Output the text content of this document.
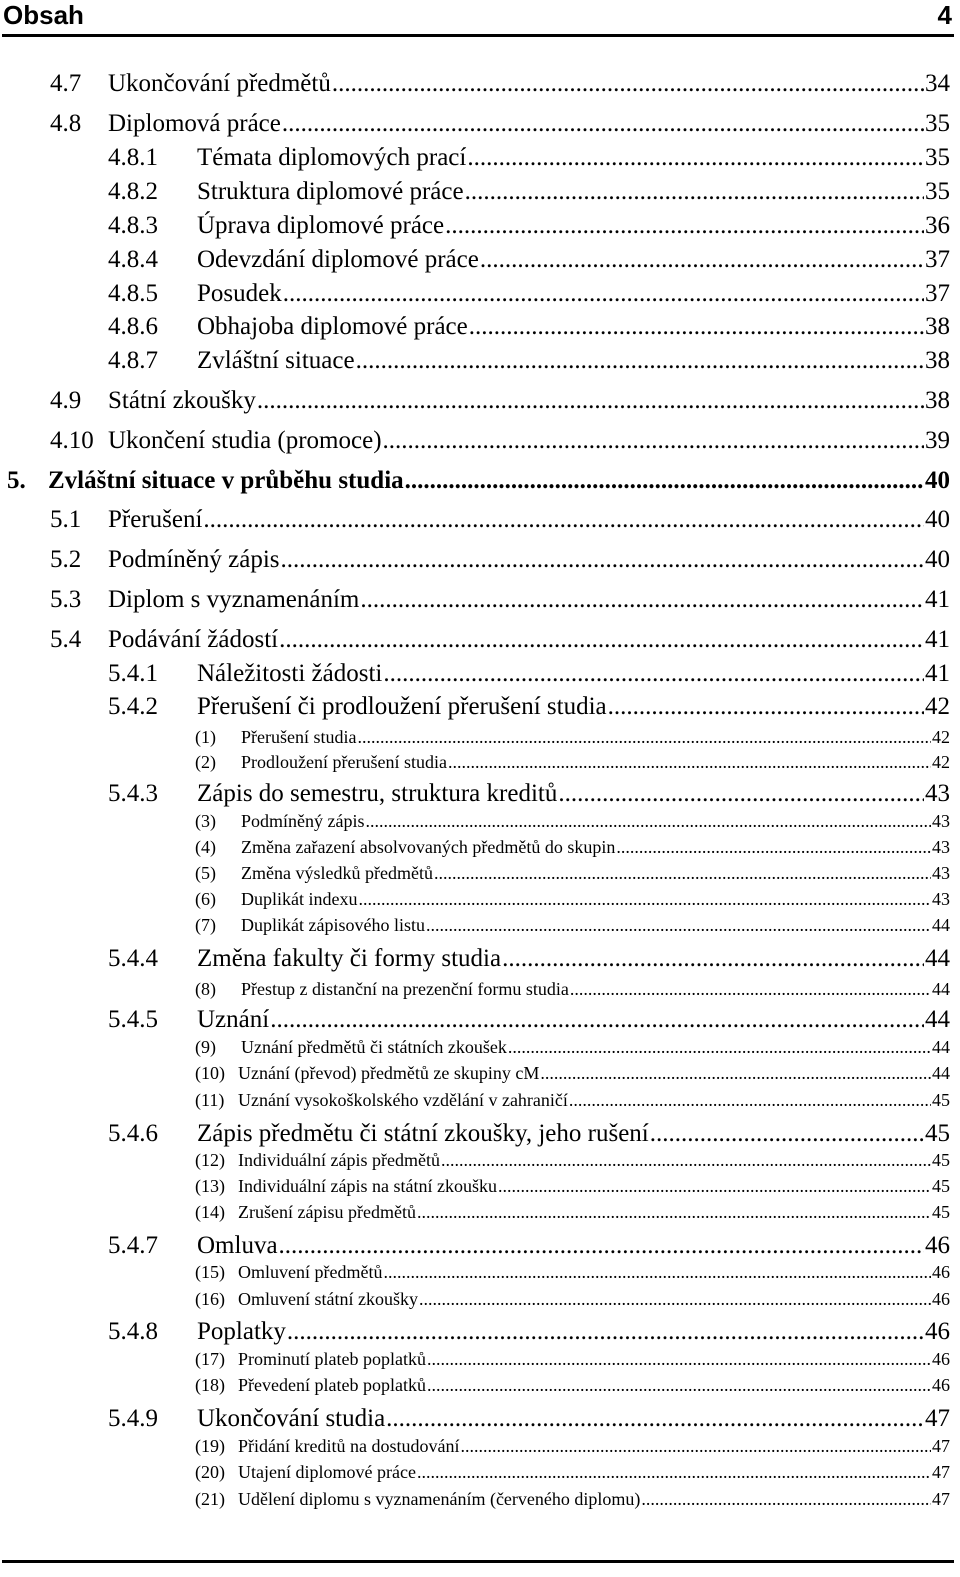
Obsah	4
4.7	Ukončování předmětů .....	34
4.8	Diplomová práce .....	35
4.8.1	Témata diplomových prací .....	35
4.8.2	Struktura diplomové práce .....	35
4.8.3	Úprava diplomové práce .....	36
4.8.4	Odevzdání diplomové práce .....	37
4.8.5	Posudek .....	37
4.8.6	Obhajoba diplomové práce .....	38
4.8.7	Zvláštní situace .....	38
4.9	Státní zkoušky .....	38
4.10 Ukončení studia (promoce) .....	39
5. Zvláštní situace v průběhu studia .....	40
5.1	Přerušení .....	40
5.2	Podmíněný zápis .....	40
5.3	Diplom s vyznamenáním .....	41
5.4	Podávání žádostí .....	41
5.4.1	Náležitosti žádosti .....	41
5.4.2	Přerušení či prodloužení přerušení studia .....	42
(1)	Přerušení studia .....	42
(2)	Prodloužení přerušení studia .....	42
5.4.3	Zápis do semestru, struktura kreditů .....	43
(3)	Podmíněný zápis .....	43
(4)	Změna zařazení absolvovaných předmětů do skupin .....	43
(5)	Změna výsledků předmětů .....	43
(6)	Duplikát indexu .....	43
(7)	Duplikát zápisového listu .....	44
5.4.4	Změna fakulty či formy studia .....	44
(8)	Přestup z distanční na prezenční formu studia .....	44
5.4.5	Uznání .....	44
(9)	Uznání předmětů či státních zkoušek .....	44
(10) Uznání (převod) předmětů ze skupiny cM .....	44
(11) Uznání vysokoškolského vzdělání v zahraničí .....	45
5.4.6	Zápis předmětu či státní zkoušky, jeho rušení .....	45
(12) Individuální zápis předmětů .....	45
(13) Individuální zápis na státní zkoušku .....	45
(14) Zrušení zápisu předmětů .....	45
5.4.7	Omluva .....	46
(15) Omluvení předmětů .....	46
(16) Omluvení státní zkoušky .....	46
5.4.8	Poplatky .....	46
(17) Prominutí plateb poplatků .....	46
(18) Převedení plateb poplatků .....	46
5.4.9	Ukončování studia .....	47
(19) Přidání kreditů na dostudování .....	47
(20) Utajení diplomové práce .....	47
(21) Udělení diplomu s vyznamenáním (červeného diplomu) .....	47
